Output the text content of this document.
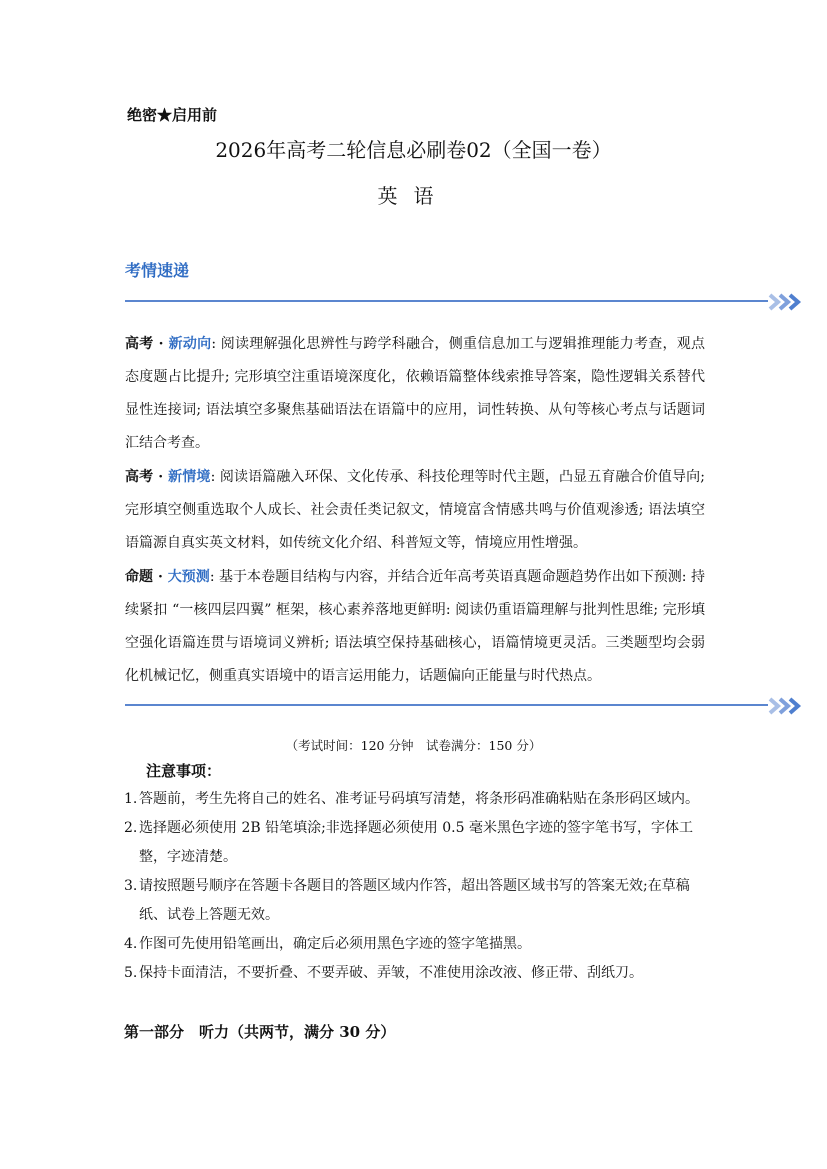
绝密★启用前
2026年高考二轮信息必刷卷02（全国一卷）
英语
考情速递
高考 · 新动向: 阅读理解强化思辨性与跨学科融合，侧重信息加工与逻辑推理能力考查，观点态度题占比提升; 完形填空注重语境深度化，依赖语篇整体线索推导答案，隐性逻辑关系替代显性连接词; 语法填空多聚焦基础语法在语篇中的应用，词性转换、从句等核心考点与话题词汇结合考查。
高考 · 新情境: 阅读语篇融入环保、文化传承、科技伦理等时代主题，凸显五育融合价值导向; 完形填空侧重选取个人成长、社会责任类记叙文，情境富含情感共鸣与价值观渗透; 语法填空语篇源自真实英文材料，如传统文化介绍、科普短文等，情境应用性增强。
命题 · 大预测: 基于本卷题目结构与内容，并结合近年高考英语真题命题趋势作出如下预测: 持续紧扣 “一核四层四翼” 框架，核心素养落地更鲜明: 阅读仍重语篇理解与批判性思维; 完形填空强化语篇连贯与语境词义辨析; 语法填空保持基础核心，语篇情境更灵活。三类题型均会弱化机械记忆，侧重真实语境中的语言运用能力，话题偏向正能量与时代热点。
（考试时间：120 分钟　试卷满分：150 分）
注意事项：
1. 答题前，考生先将自己的姓名、准考证号码填写清楚，将条形码准确粘贴在条形码区域内。
2. 选择题必须使用 2B 铅笔填涂;非选择题必须使用 0.5 毫米黑色字迹的签字笔书写，字体工整，字迹清楚。
3. 请按照题号顺序在答题卡各题目的答题区域内作答，超出答题区域书写的答案无效;在草稿纸、试卷上答题无效。
4. 作图可先使用铅笔画出，确定后必须用黑色字迹的签字笔描黑。
5. 保持卡面清洁，不要折叠、不要弄破、弄皱，不准使用涂改液、修正带、刮纸刀。
第一部分　听力（共两节，满分 30 分）
